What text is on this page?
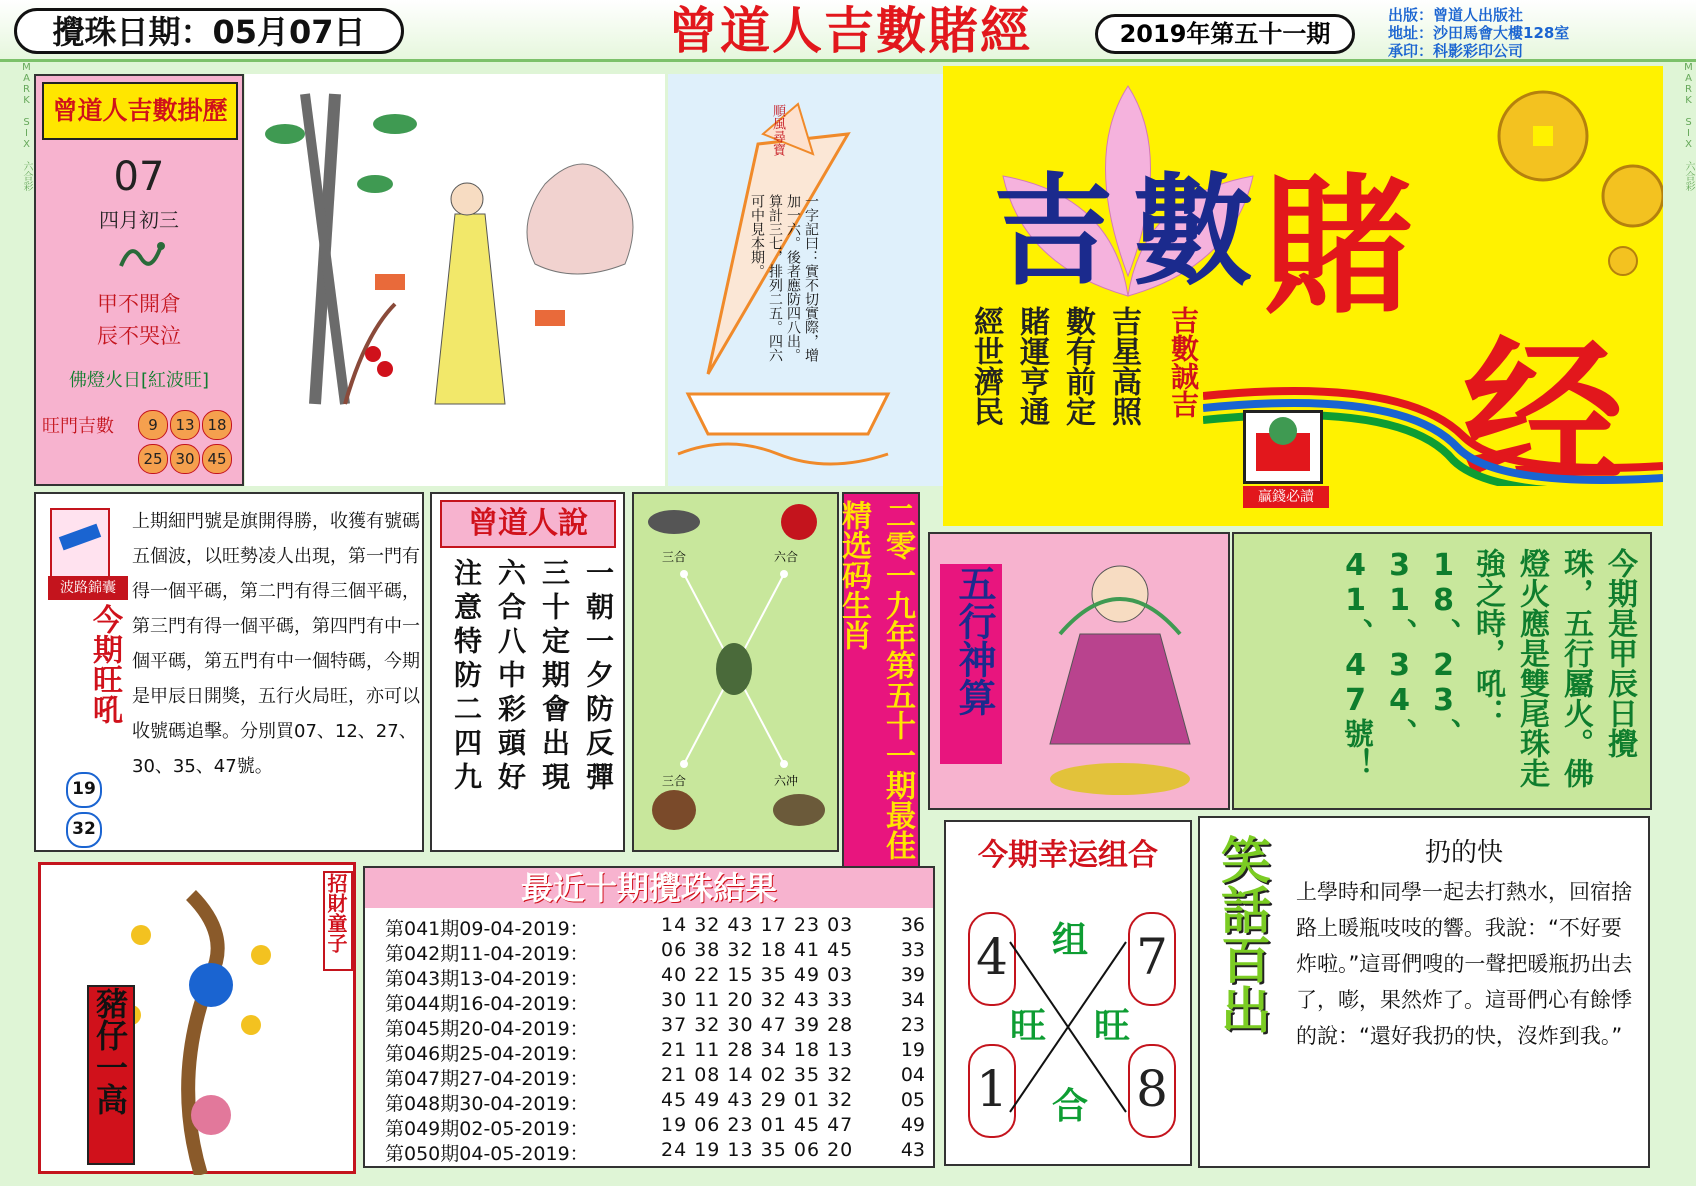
攪珠日期：05月07日	曾道人吉數賭經	2019年第五十一期
出版：曾道人出版社
地址：沙田馬會大樓128室
承印：科影彩印公司
MARK SIX 六合彩	MARK SIX 六合彩
曾道人吉數掛歷
07
四月初三
甲不開倉
辰不哭泣
佛燈火日[紅波旺]
旺門吉數	9	13 18
25 30 45
順風尋寶
一字記曰：實不切實際，增加一六。後者應防四八出。算計三七，排列二五。四六可中見本期。	吉 數 賭
经
吉星高照
數有前定
賭運亨通
經世濟民	吉數誠吉
贏錢必讀
波路錦囊
今期旺吼
上期細門號是旗開得勝，收獲有號碼五個波，以旺勢凌人出現，第一門有得一個平碼，第二門有得三個平碼，第三門有得一個平碼，第四門有中一個平碼，第五門有中一個特碼，今期是甲辰日開獎，五行火局旺，亦可以收號碼追擊。分別買07、12、27、30、35、47號。
19
32
曾道人說
一朝一夕防反彈
三十定期會出現
六合八中彩頭好
注意特防二四九
三合	六合
三合	六冲	二零一九年第五十一期最佳精选码生肖	五行神算	今期是甲辰日攪珠，五行屬火。佛燈火應是雙尾珠走強之時，吼：18、23、31、34、41、47號！
招財童子
豬仔一高
最近十期攪珠結果
第041期09-04-2019：	14 32 43 17 23 03	36
第042期11-04-2019：	06 38 32 18 41 45	33
第043期13-04-2019：	40 22 15 35 49 03	39
第044期16-04-2019：	30 11 20 32 43 33	34
第045期20-04-2019：	37 32 30 47 39 28	23
第046期25-04-2019：	21 11 28 34 18 13	19
第047期27-04-2019：	21 08 14 02 35 32	04
第048期30-04-2019：	45 49 43 29 01 32	05
第049期02-05-2019：	19 06 23 01 45 47	49
第050期04-05-2019：	24 19 13 35 06 20	43
今期幸运组合
4	7
1	8
组
合
旺 旺 笑話百出	扔的快
上學時和同學一起去打熱水，回宿捨路上暖瓶吱吱的響。我說：“不好要炸啦。”這哥們嗖的一聲把暖瓶扔出去了，嘭，果然炸了。這哥們心有餘悸的說：“還好我扔的快，沒炸到我。”
